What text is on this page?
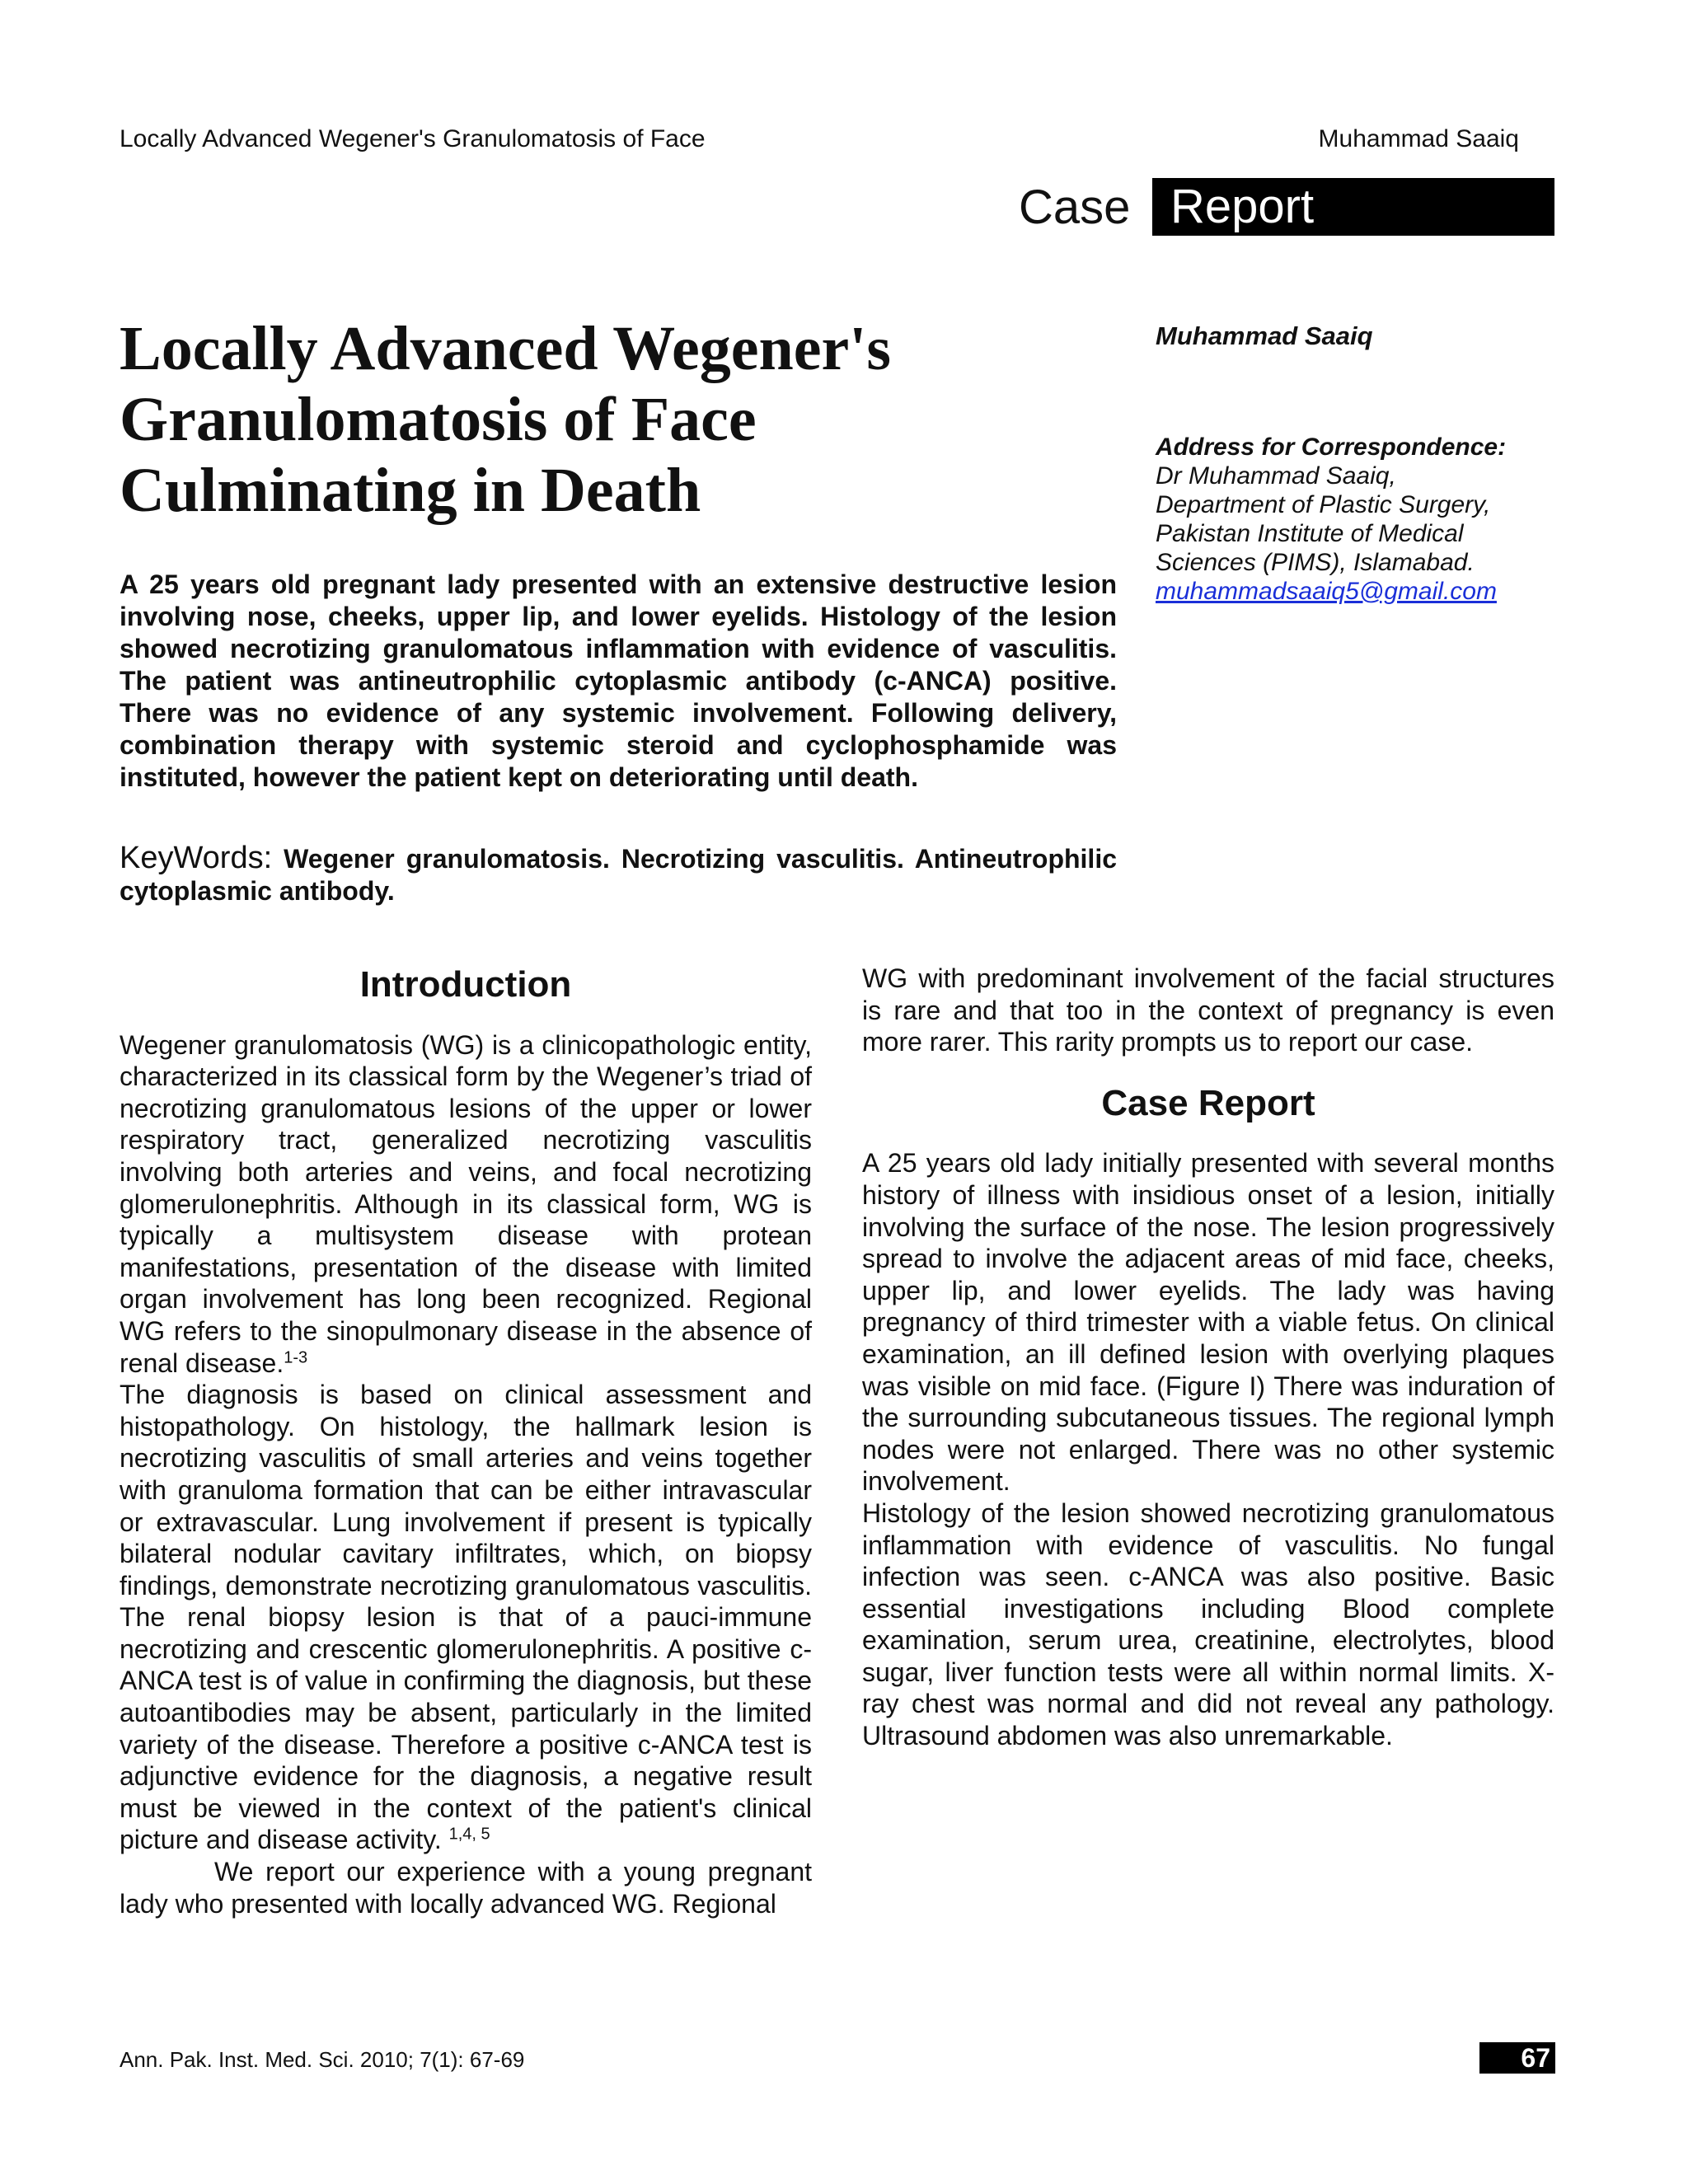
Locally Advanced Wegener's Granulomatosis of Face	Muhammad Saaiq
Case Report
Locally Advanced Wegener's Granulomatosis of Face Culminating in Death

A 25 years old pregnant lady presented with an extensive destructive lesion involving nose, cheeks, upper lip, and lower eyelids. Histology of the lesion showed necrotizing granulomatous inflammation with evidence of vasculitis. The patient was antineutrophilic cytoplasmic antibody (c-ANCA) positive. There was no evidence of any systemic involvement. Following delivery, combination therapy with systemic steroid and cyclophosphamide was instituted, however the patient kept on deteriorating until death.

KeyWords: Wegener granulomatosis. Necrotizing vasculitis. Antineutrophilic cytoplasmic antibody.

Muhammad Saaiq

Address for Correspondence:

Dr Muhammad Saaiq,

Department of Plastic Surgery,

Pakistan Institute of Medical

Sciences (PIMS), Islamabad.

muhammadsaaiq5@gmail.com

Introduction

Wegener granulomatosis (WG) is a clinicopathologic entity, characterized in its classical form by the Wegener’s triad of necrotizing granulomatous lesions of the upper or lower respiratory tract, generalized necrotizing vasculitis involving both arteries and veins, and focal necrotizing glomerulonephritis. Although in its classical form, WG is typically a multisystem disease with protean manifestations, presentation of the disease with limited organ involvement has long been recognized. Regional WG refers to the sinopulmonary disease in the absence of renal disease.$^{1-3}$

The diagnosis is based on clinical assessment and histopathology. On histology, the hallmark lesion is necrotizing vasculitis of small arteries and veins together with granuloma formation that can be either intravascular or extravascular. Lung involvement if present is typically bilateral nodular cavitary infiltrates, which, on biopsy findings, demonstrate necrotizing granulomatous vasculitis. The renal biopsy lesion is that of a pauci-immune necrotizing and crescentic glomerulonephritis. A positive c-ANCA test is of value in confirming the diagnosis, but these autoantibodies may be absent, particularly in the limited variety of the disease. Therefore a positive c-ANCA test is adjunctive evidence for the diagnosis, a negative result must be viewed in the context of the patient's clinical picture and disease activity. $^{1,4, 5}$

We report our experience with a young pregnant lady who presented with locally advanced WG. Regional

WG with predominant involvement of the facial structures is rare and that too in the context of pregnancy is even more rarer. This rarity prompts us to report our case.

Case Report

A 25 years old lady initially presented with several months history of illness with insidious onset of a lesion, initially involving the surface of the nose. The lesion progressively spread to involve the adjacent areas of mid face, cheeks, upper lip, and lower eyelids. The lady was having pregnancy of third trimester with a viable fetus. On clinical examination, an ill defined lesion with overlying plaques was visible on mid face. (Figure I) There was induration of the surrounding subcutaneous tissues. The regional lymph nodes were not enlarged. There was no other systemic involvement.

Histology of the lesion showed necrotizing granulomatous inflammation with evidence of vasculitis. No fungal infection was seen. c-ANCA was also positive. Basic essential investigations including Blood complete examination, serum urea, creatinine, electrolytes, blood sugar, liver function tests were all within normal limits. X-ray chest was normal and did not reveal any pathology. Ultrasound abdomen was also unremarkable.

Ann. Pak. Inst. Med. Sci. 2010; 7(1): 67-69	67
